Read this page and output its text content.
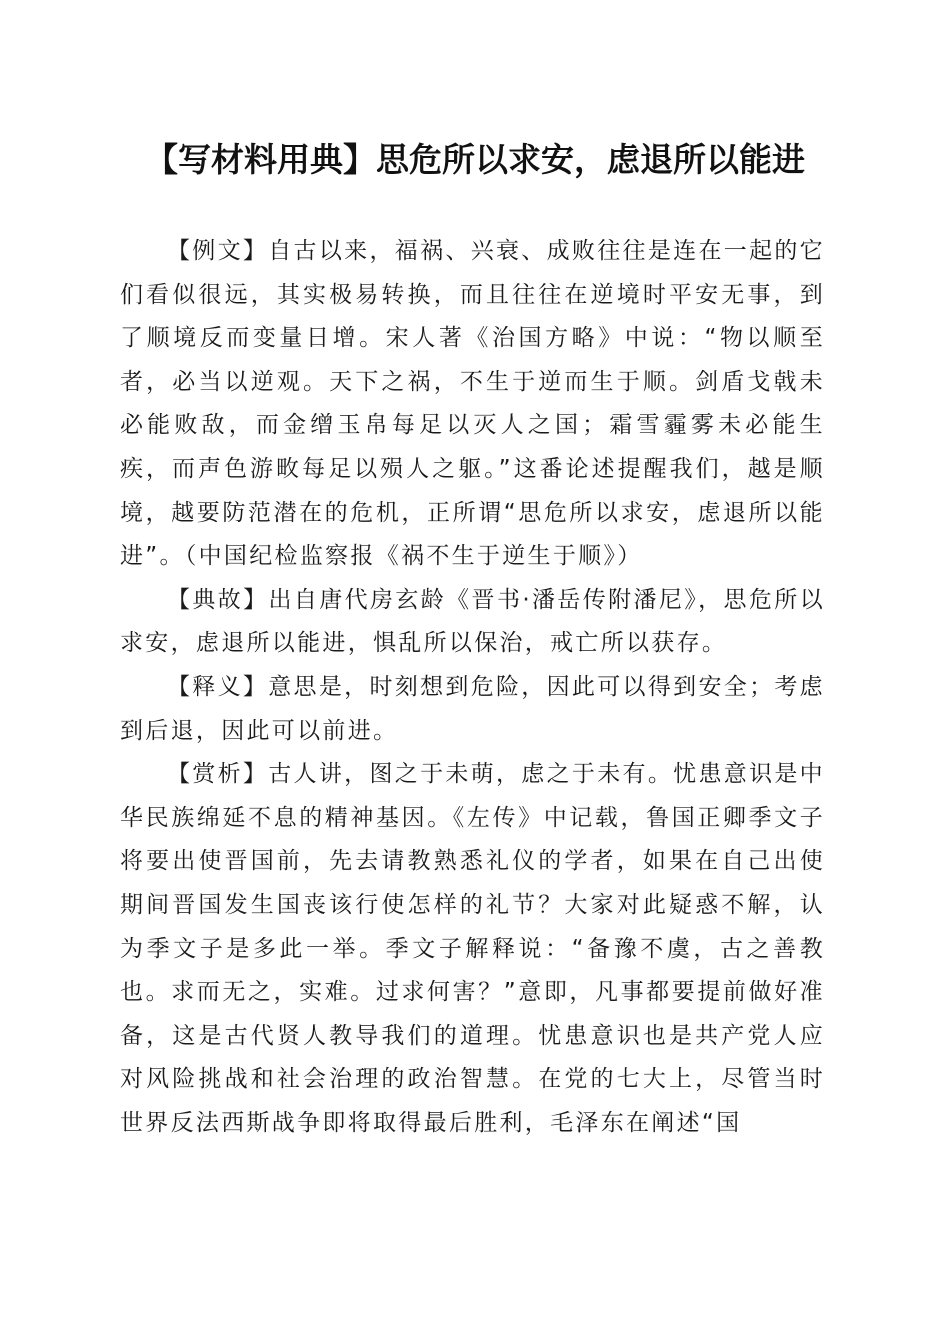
【写材料用典】思危所以求安，虑退所以能进

【例文】自古以来，福祸、兴衰、成败往往是连在一起的它们看似很远，其实极易转换，而且往往在逆境时平安无事，到了顺境反而变量日增。宋人著《治国方略》中说：“物以顺至者，必当以逆观。天下之祸，不生于逆而生于顺。剑盾戈戟未必能败敌，而金缯玉帛每足以灭人之国；霜雪霾雾未必能生疾，而声色游畋每足以殒人之躯。”这番论述提醒我们，越是顺境，越要防范潜在的危机，正所谓“思危所以求安，虑退所以能进”。（中国纪检监察报《祸不生于逆生于顺》）

【典故】出自唐代房玄龄《晋书·潘岳传附潘尼》，思危所以求安，虑退所以能进，惧乱所以保治，戒亡所以获存。

【释义】意思是，时刻想到危险，因此可以得到安全；考虑到后退，因此可以前进。

【赏析】古人讲，图之于未萌，虑之于未有。忧患意识是中华民族绵延不息的精神基因。《左传》中记载，鲁国正卿季文子将要出使晋国前，先去请教熟悉礼仪的学者，如果在自己出使期间晋国发生国丧该行使怎样的礼节？大家对此疑惑不解，认为季文子是多此一举。季文子解释说：“备豫不虞，古之善教也。求而无之，实难。过求何害？”意即，凡事都要提前做好准备，这是古代贤人教导我们的道理。忧患意识也是共产党人应对风险挑战和社会治理的政治智慧。在党的七大上，尽管当时世界反法西斯战争即将取得最后胜利，毛泽东在阐述“国
